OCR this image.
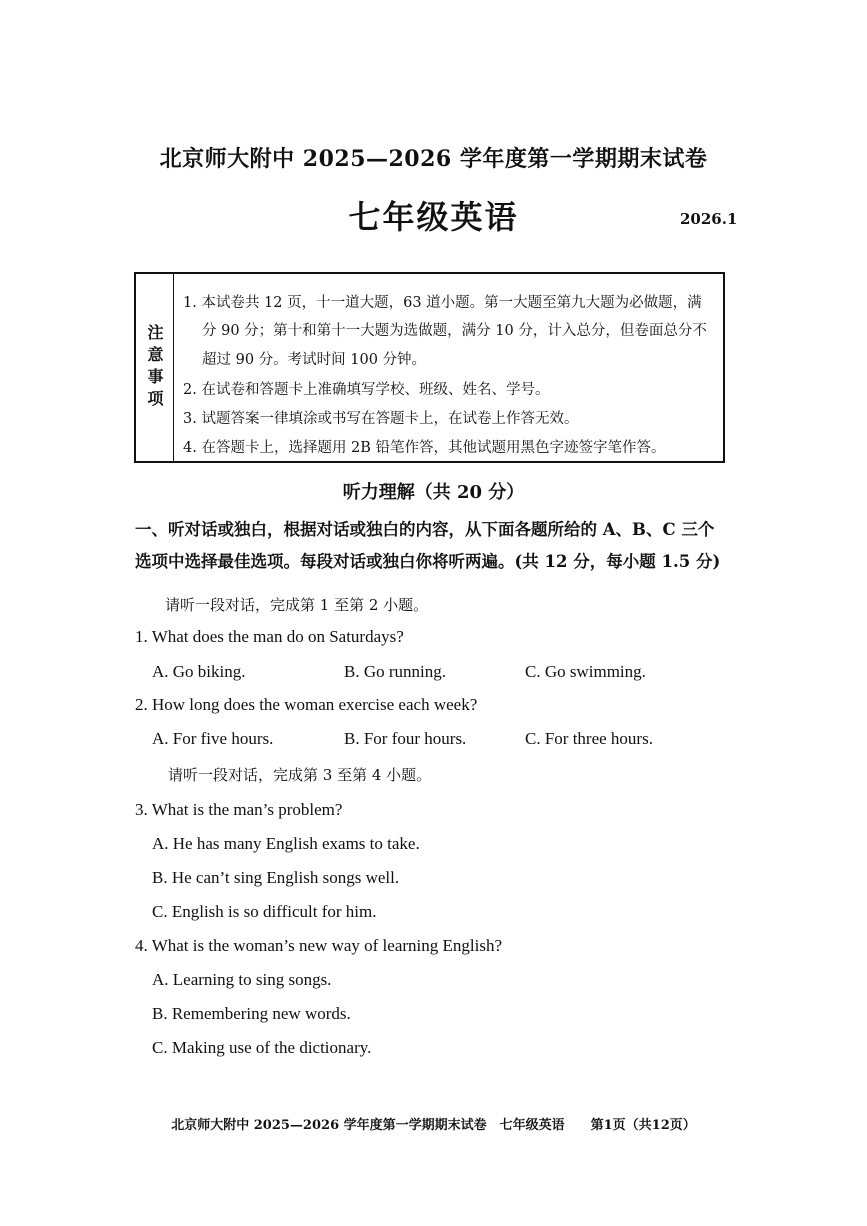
北京师大附中 2025—2026 学年度第一学期期末试卷
七年级英语	2026.1
注意事项
1. 本试卷共 12 页，十一道大题，63 道小题。第一大题至第九大题为必做题，满
分 90 分；第十和第十一大题为选做题，满分 10 分，计入总分，但卷面总分不
超过 90 分。考试时间 100 分钟。
2. 在试卷和答题卡上准确填写学校、班级、姓名、学号。
3. 试题答案一律填涂或书写在答题卡上，在试卷上作答无效。
4. 在答题卡上，选择题用 2B 铅笔作答，其他试题用黑色字迹签字笔作答。
听力理解（共 20 分）
一、听对话或独白，根据对话或独白的内容，从下面各题所给的 A、B、C 三个
选项中选择最佳选项。每段对话或独白你将听两遍。(共 12 分，每小题 1.5 分)
请听一段对话，完成第 1 至第 2 小题。
1. What does the man do on Saturdays?
A. Go biking.	B. Go running.	C. Go swimming.
2. How long does the woman exercise each week?
A. For five hours.	B. For four hours.	C. For three hours.
请听一段对话，完成第 3 至第 4 小题。
3. What is the man’s problem?
A. He has many English exams to take.
B. He can’t sing English songs well.
C. English is so difficult for him.
4. What is the woman’s new way of learning English?
A. Learning to sing songs.
B. Remembering new words.
C. Making use of the dictionary.
北京师大附中 2025—2026 学年度第一学期期末试卷　七年级英语　　第1页（共12页）
